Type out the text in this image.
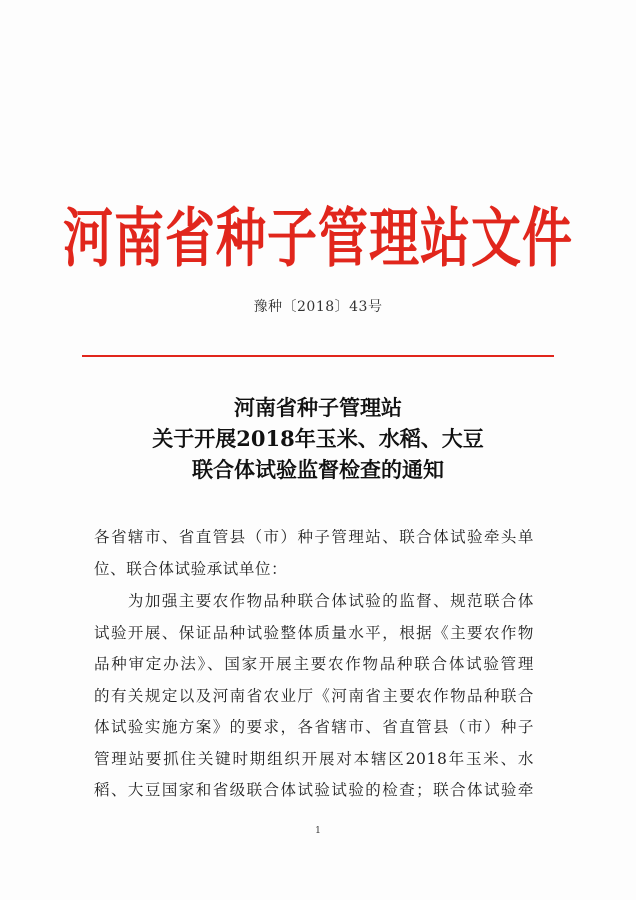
河南省种子管理站文件
豫种〔2018〕43号
河南省种子管理站
关于开展2018年玉米、水稻、大豆
联合体试验监督检查的通知
各省辖市、省直管县（市）种子管理站、联合体试验牵头单
位、联合体试验承试单位：
　　为加强主要农作物品种联合体试验的监督、规范联合体
试验开展、保证品种试验整体质量水平，根据《主要农作物
品种审定办法》、国家开展主要农作物品种联合体试验管理
的有关规定以及河南省农业厅《河南省主要农作物品种联合
体试验实施方案》的要求，各省辖市、省直管县（市）种子
管理站要抓住关键时期组织开展对本辖区2018年玉米、水
稻、大豆国家和省级联合体试验试验的检查；联合体试验牵
1
